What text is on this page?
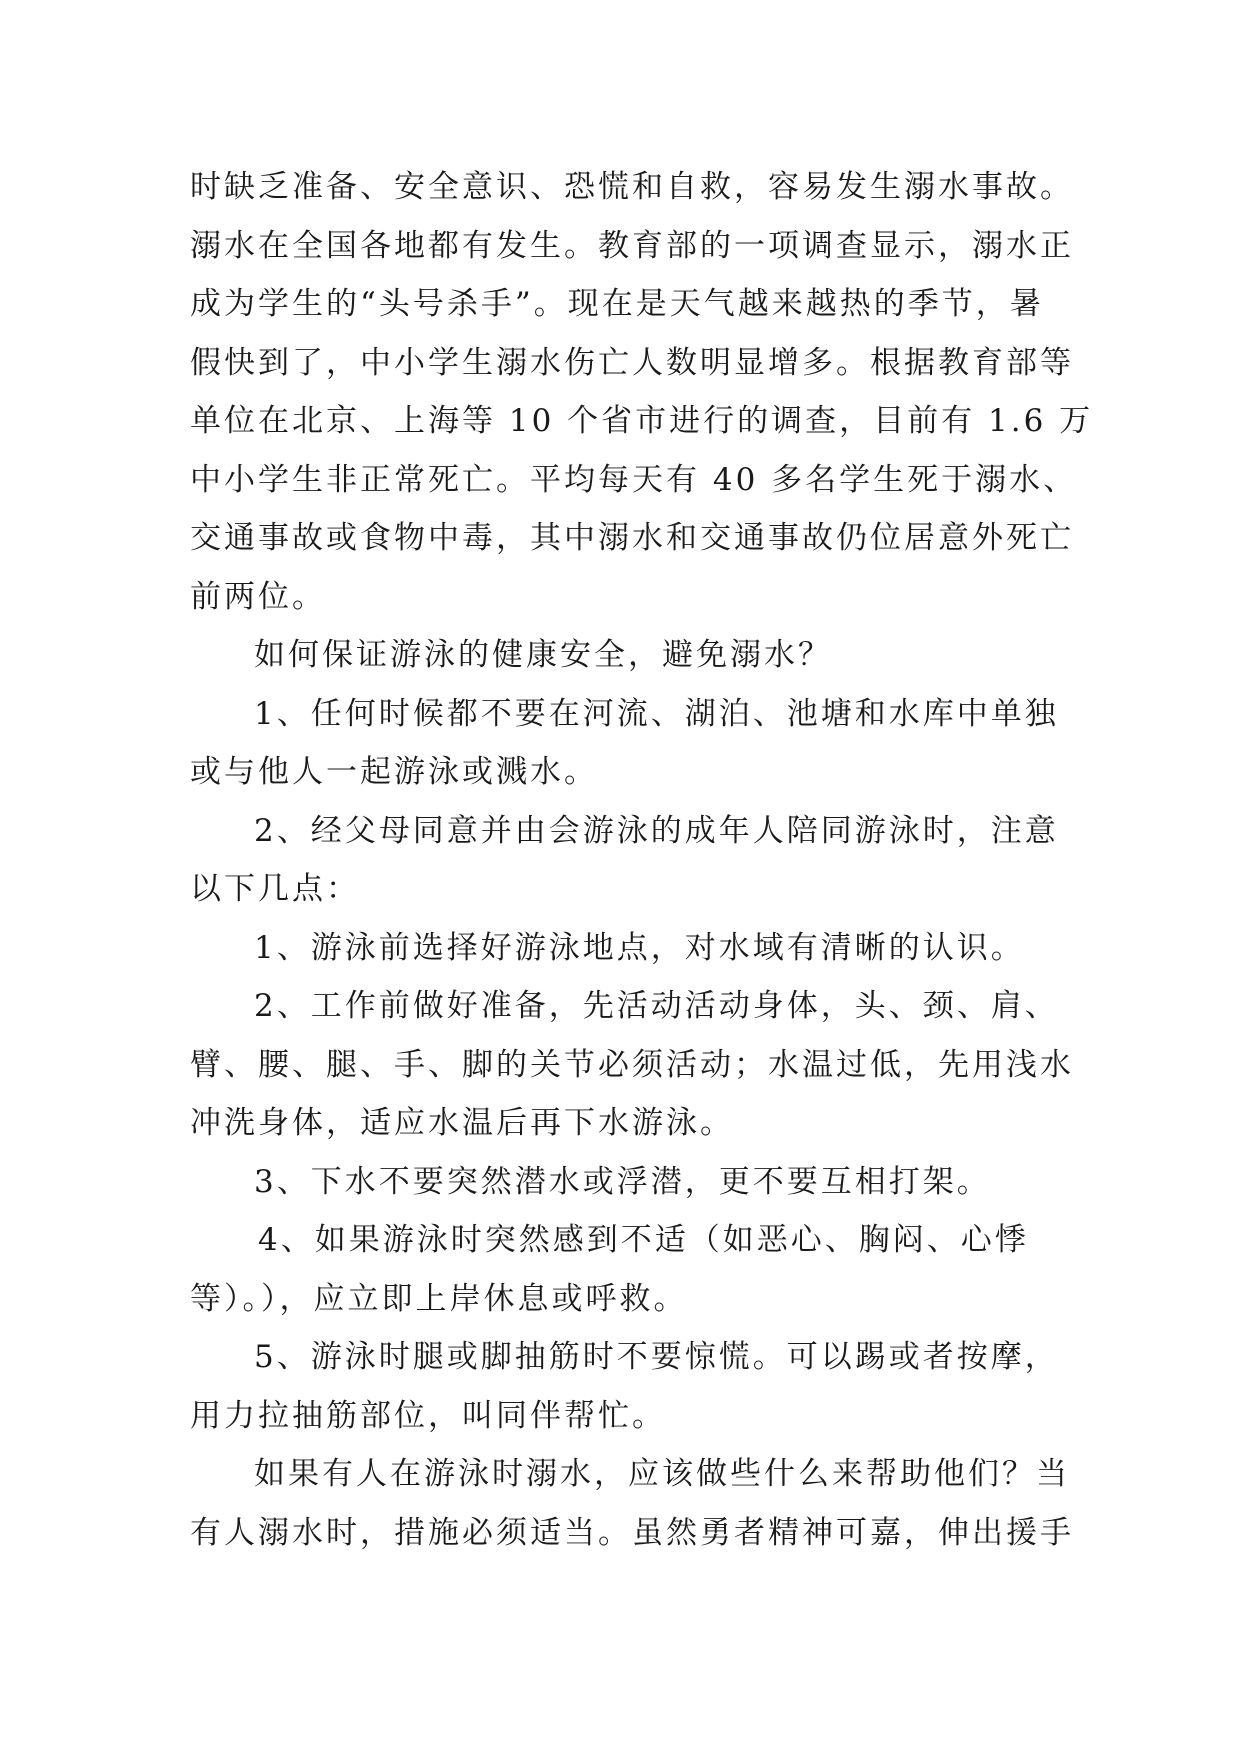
时缺乏准备、安全意识、恐慌和自救，容易发生溺水事故。
溺水在全国各地都有发生。教育部的一项调查显示，溺水正
成为学生的“头号杀手”。现在是天气越来越热的季节，暑
假快到了，中小学生溺水伤亡人数明显增多。根据教育部等
单位在北京、上海等 10 个省市进行的调查，目前有 1.6 万
中小学生非正常死亡。平均每天有 40 多名学生死于溺水、
交通事故或食物中毒，其中溺水和交通事故仍位居意外死亡
前两位。
如何保证游泳的健康安全，避免溺水？
1、任何时候都不要在河流、湖泊、池塘和水库中单独
或与他人一起游泳或溅水。
2、经父母同意并由会游泳的成年人陪同游泳时，注意
以下几点：
1、游泳前选择好游泳地点，对水域有清晰的认识。
2、工作前做好准备，先活动活动身体，头、颈、肩、
臂、腰、腿、手、脚的关节必须活动；水温过低，先用浅水
冲洗身体，适应水温后再下水游泳。
3、下水不要突然潜水或浮潜，更不要互相打架。
4、如果游泳时突然感到不适（如恶心、胸闷、心悸
等）。），应立即上岸休息或呼救。
5、游泳时腿或脚抽筋时不要惊慌。可以踢或者按摩，
用力拉抽筋部位，叫同伴帮忙。
如果有人在游泳时溺水，应该做些什么来帮助他们？当
有人溺水时，措施必须适当。虽然勇者精神可嘉，伸出援手
